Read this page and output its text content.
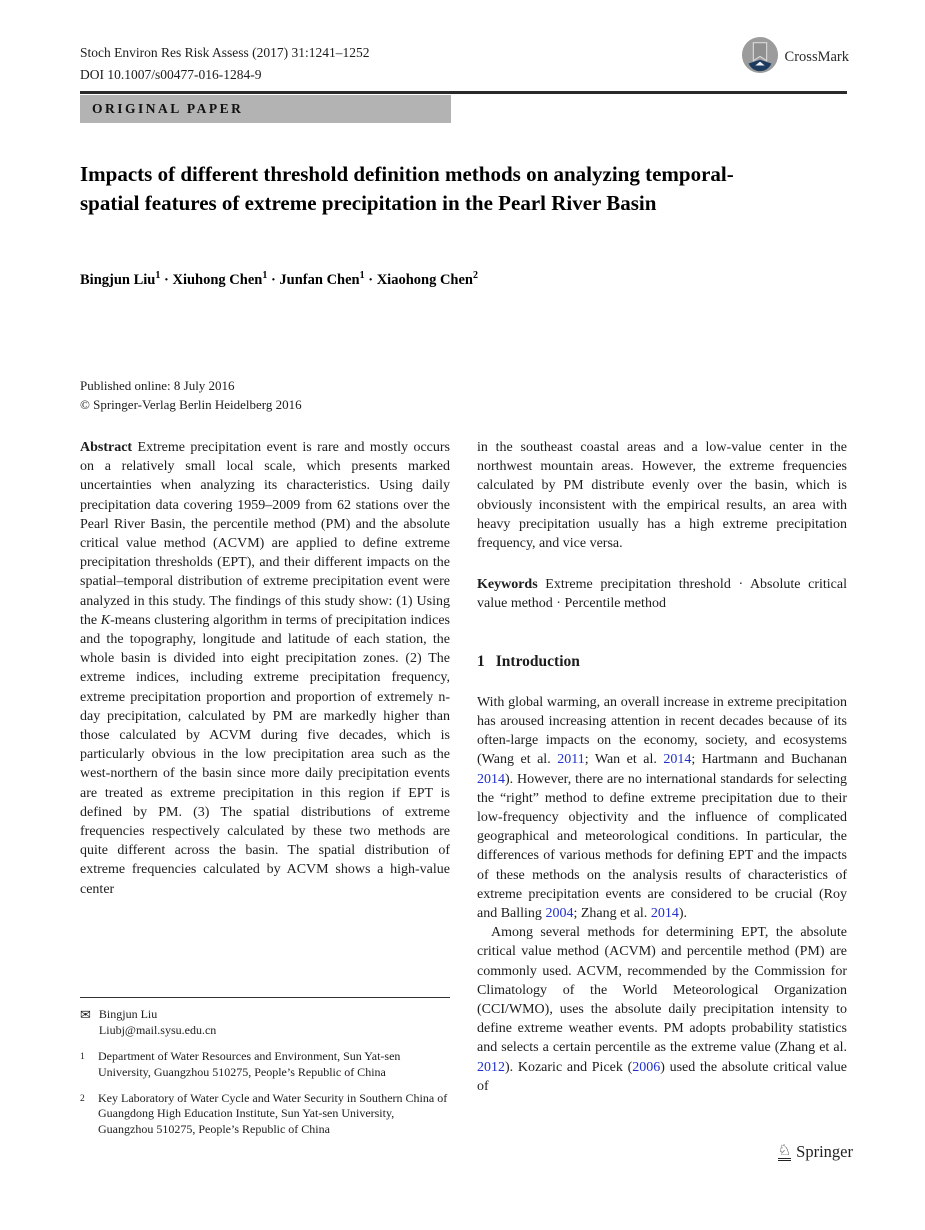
Stoch Environ Res Risk Assess (2017) 31:1241–1252
DOI 10.1007/s00477-016-1284-9
CrossMark
ORIGINAL PAPER
Impacts of different threshold definition methods on analyzing temporal-spatial features of extreme precipitation in the Pearl River Basin
Bingjun Liu$^1$ · Xiuhong Chen$^1$ · Junfan Chen$^1$ · Xiaohong Chen$^2$
Published online: 8 July 2016
© Springer-Verlag Berlin Heidelberg 2016

Abstract Extreme precipitation event is rare and mostly occurs on a relatively small local scale, which presents marked uncertainties when analyzing its characteristics. Using daily precipitation data covering 1959–2009 from 62 stations over the Pearl River Basin, the percentile method (PM) and the absolute critical value method (ACVM) are applied to define extreme precipitation thresholds (EPT), and their different impacts on the spatial–temporal distribution of extreme precipitation event were analyzed in this study. The findings of this study show: (1) Using the K-means clustering algorithm in terms of precipitation indices and the topography, longitude and latitude of each station, the whole basin is divided into eight precipitation zones. (2) The extreme indices, including extreme precipitation frequency, extreme precipitation proportion and proportion of extremely n-day precipitation, calculated by PM are markedly higher than those calculated by ACVM during five decades, which is particularly obvious in the low precipitation area such as the west-northern of the basin since more daily precipitation events are treated as extreme precipitation in this region if EPT is defined by PM. (3) The spatial distributions of extreme frequencies respectively calculated by these two methods are quite different across the basin. The spatial distribution of extreme frequencies calculated by ACVM shows a high-value center

✉ Bingjun Liu
Liubj@mail.sysu.edu.cn
1 Department of Water Resources and Environment, Sun Yat-sen University, Guangzhou 510275, People’s Republic of China
2 Key Laboratory of Water Cycle and Water Security in Southern China of Guangdong High Education Institute, Sun Yat-sen University, Guangzhou 510275, People’s Republic of China

in the southeast coastal areas and a low-value center in the northwest mountain areas. However, the extreme frequencies calculated by PM distribute evenly over the basin, which is obviously inconsistent with the empirical results, an area with heavy precipitation usually has a high extreme precipitation frequency, and vice versa.

Keywords Extreme precipitation threshold · Absolute critical value method · Percentile method

1 Introduction

With global warming, an overall increase in extreme precipitation has aroused increasing attention in recent decades because of its often-large impacts on the economy, society, and ecosystems (Wang et al. 2011; Wan et al. 2014; Hartmann and Buchanan 2014). However, there are no international standards for selecting the “right” method to define extreme precipitation due to their low-frequency objectivity and the influence of complicated geographical and meteorological conditions. In particular, the differences of various methods for defining EPT and the impacts of these methods on the analysis results of characteristics of extreme precipitation events are considered to be crucial (Roy and Balling 2004; Zhang et al. 2014).

Among several methods for determining EPT, the absolute critical value method (ACVM) and percentile method (PM) are commonly used. ACVM, recommended by the Commission for Climatology of the World Meteorological Organization (CCI/WMO), uses the absolute daily precipitation intensity to define extreme weather events. PM adopts probability statistics and selects a certain percentile as the extreme value (Zhang et al. 2012). Kozaric and Picek (2006) used the absolute critical value of

♘ Springer
